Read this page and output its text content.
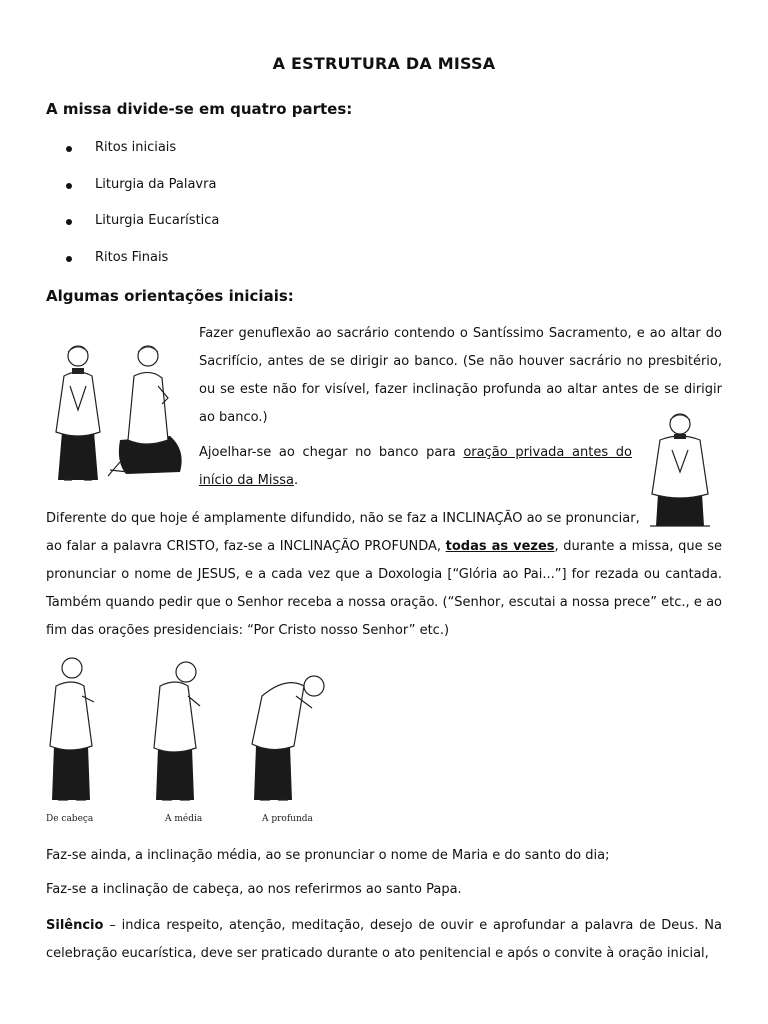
A ESTRUTURA DA MISSA
A missa divide-se em quatro partes:
Ritos iniciais
Liturgia da Palavra
Liturgia Eucarística
Ritos Finais
Algumas orientações iniciais:

Fazer genuflexão ao sacrário contendo o Santíssimo Sacramento, e ao altar do Sacrifício, antes de se dirigir ao banco. (Se não houver sacrário no presbitério, ou se este não for visível, fazer inclinação profunda ao altar antes de se dirigir ao banco.)

Ajoelhar-se ao chegar no banco para oração privada antes do início da Missa.

Diferente do que hoje é amplamente difundido, não se faz a INCLINAÇÃO ao se pronunciar,

ao falar a palavra CRISTO, faz-se a INCLINAÇÃO PROFUNDA, todas as vezes, durante a missa, que se pronunciar o nome de JESUS, e a cada vez que a Doxologia [“Glória ao Pai...”] for rezada ou cantada. Também quando pedir que o Senhor receba a nossa oração. (“Senhor, escutai a nossa prece” etc., e ao fim das orações presidenciais: “Por Cristo nosso Senhor” etc.)

De cabeça	A média	A profunda

Faz-se ainda, a inclinação média, ao se pronunciar o nome de Maria e do santo do dia;

Faz-se a inclinação de cabeça, ao nos referirmos ao santo Papa.

Silêncio – indica respeito, atenção, meditação, desejo de ouvir e aprofundar a palavra de Deus. Na celebração eucarística, deve ser praticado durante o ato penitencial e após o convite à oração inicial,
